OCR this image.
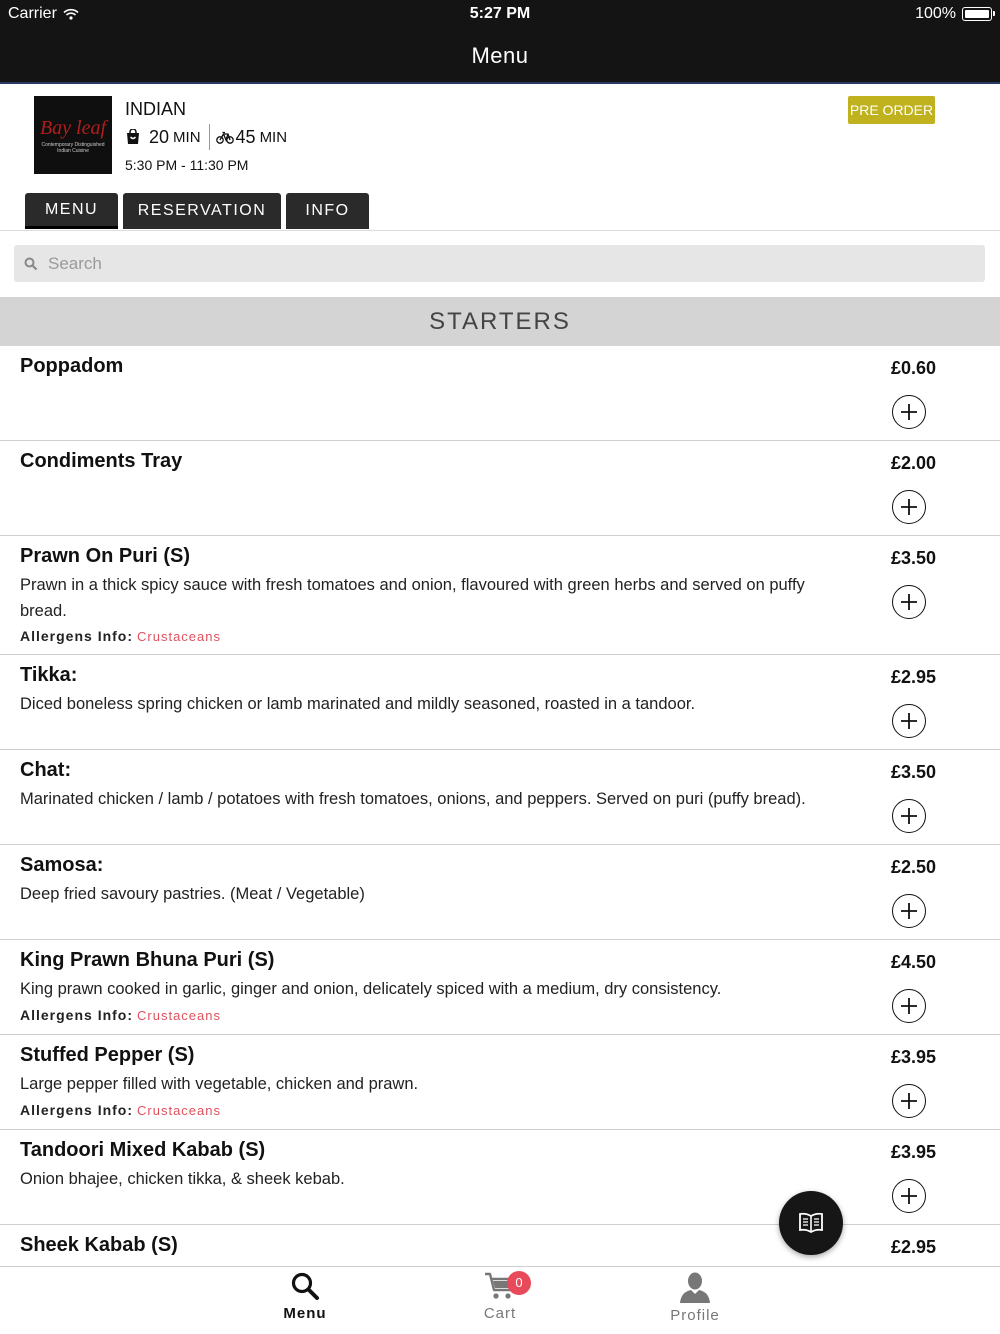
Carrier	5:27 PM	100%
Menu
Bay leaf
Contemporary Distinguished
Indian Cuisine
INDIAN
20 MIN 45 MIN
5:30 PM - 11:30 PM
PRE ORDER
MENU	RESERVATION	INFO
Search
STARTERS
Poppadom	£0.60
Condiments Tray	£2.00
Prawn On Puri (S)
Prawn in a thick spicy sauce with fresh tomatoes and onion, flavoured with green herbs and served on puffy bread.
Allergens Info: Crustaceans
£3.50
Tikka:
Diced boneless spring chicken or lamb marinated and mildly seasoned, roasted in a tandoor.
£2.95
Chat:
Marinated chicken / lamb / potatoes with fresh tomatoes, onions, and peppers. Served on puri (puffy bread).
£3.50
Samosa:
Deep fried savoury pastries. (Meat / Vegetable)
£2.50
King Prawn Bhuna Puri (S)
King prawn cooked in garlic, ginger and onion, delicately spiced with a medium, dry consistency.
Allergens Info: Crustaceans
£4.50
Stuffed Pepper (S)
Large pepper filled with vegetable, chicken and prawn.
Allergens Info: Crustaceans
£3.95
Tandoori Mixed Kabab (S)
Onion bhajee, chicken tikka, & sheek kebab.
£3.95
Sheek Kabab (S)	£2.95
Menu
0
Cart	Profile
